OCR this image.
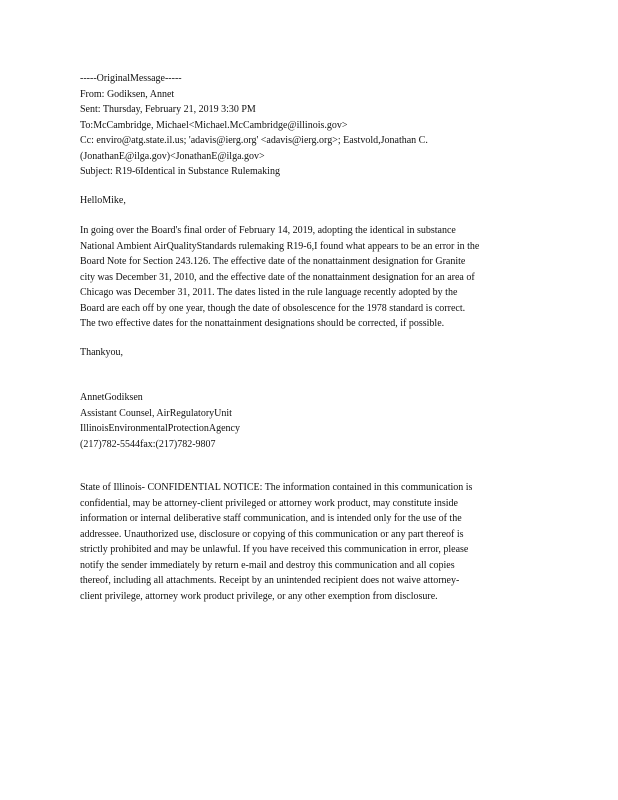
-----OriginalMessage-----
From: Godiksen, Annet
Sent: Thursday, February 21, 2019 3:30 PM
To:McCambridge, Michael<Michael.McCambridge@illinois.gov>
Cc: enviro@atg.state.il.us; 'adavis@ierg.org' <adavis@ierg.org>; Eastvold,Jonathan C.
(JonathanE@ilga.gov)<JonathanE@ilga.gov>
Subject: R19-6Identical in Substance Rulemaking
HelloMike,
In going over the Board's final order of February 14, 2019, adopting the identical in substance
National Ambient AirQualityStandards rulemaking R19-6,I found what appears to be an error in the
Board Note for Section 243.126. The effective date of the nonattainment designation for Granite
city was December 31, 2010, and the effective date of the nonattainment designation for an area of
Chicago was December 31, 2011. The dates listed in the rule language recently adopted by the
Board are each off by one year, though the date of obsolescence for the 1978 standard is correct.
The two effective dates for the nonattainment designations should be corrected, if possible.
Thankyou,
AnnetGodiksen
Assistant Counsel, AirRegulatoryUnit
IllinoisEnvironmentalProtectionAgency
(217)782-5544fax:(217)782-9807
State of Illinois- CONFIDENTIAL NOTICE: The information contained in this communication is
confidential, may be attorney-client privileged or attorney work product, may constitute inside
information or internal deliberative staff communication, and is intended only for the use of the
addressee. Unauthorized use, disclosure or copying of this communication or any part thereof is
strictly prohibited and may be unlawful. If you have received this communication in error, please
notify the sender immediately by return e-mail and destroy this communication and all copies
thereof, including all attachments. Receipt by an unintended recipient does not waive attorney-
client privilege, attorney work product privilege, or any other exemption from disclosure.
